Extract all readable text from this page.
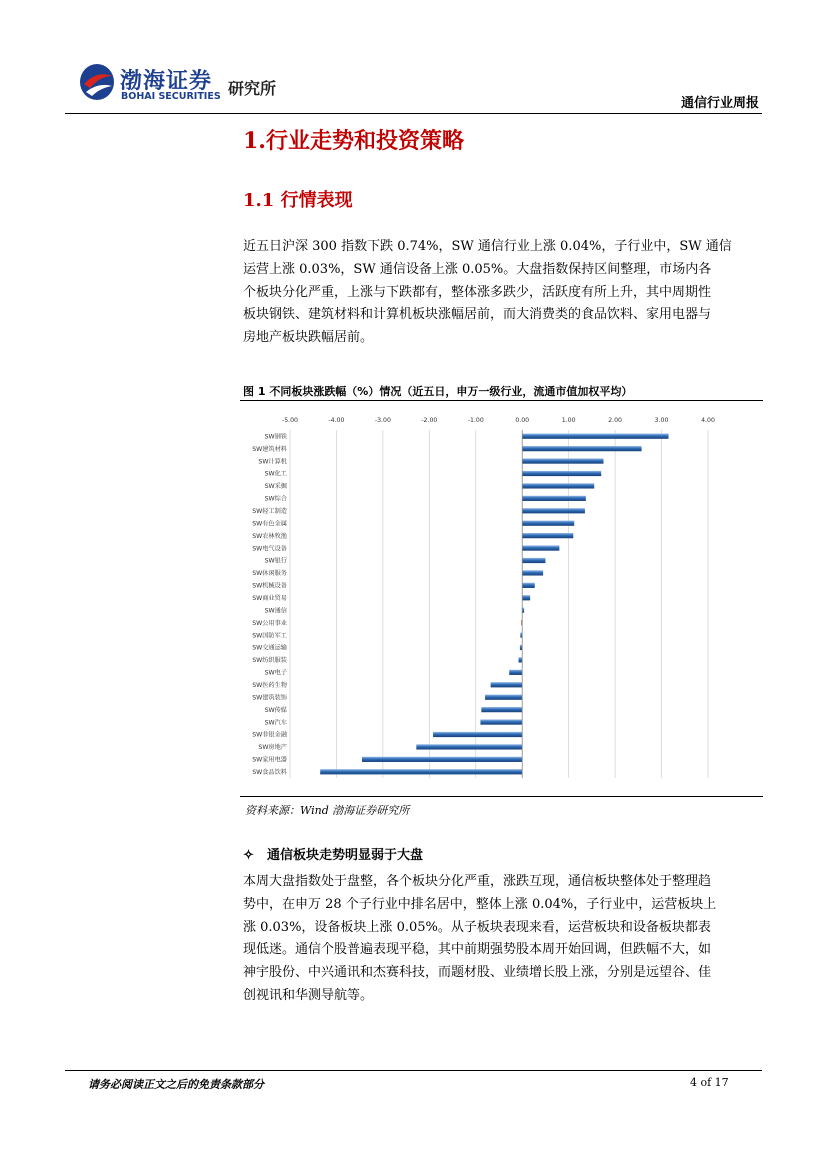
渤海证券
BOHAI SECURITIES 研究所
通信行业周报
1.行业走势和投资策略
1.1 行情表现
近五日沪深 300 指数下跌 0.74%，SW 通信行业上涨 0.04%，子行业中，SW 通信
运营上涨 0.03%，SW 通信设备上涨 0.05%。大盘指数保持区间整理，市场内各
个板块分化严重，上涨与下跌都有，整体涨多跌少，活跃度有所上升，其中周期性
板块钢铁、建筑材料和计算机板块涨幅居前，而大消费类的食品饮料、家用电器与
房地产板块跌幅居前。
图 1 不同板块涨跌幅（%）情况（近五日，申万一级行业，流通市值加权平均）
-5.00	-4.00	-3.00	-2.00	-1.00	0.00	1.00	2.00	3.00	4.00
SW钢铁
SW建筑材料
SW计算机
SW化工
SW采掘
SW综合
SW轻工制造
SW有色金属
SW农林牧渔
SW电气设备
SW银行
SW休闲服务
SW机械设备
SW商业贸易
SW通信
SW公用事业
SW国防军工
SW交通运输
SW纺织服装
SW电子
SW医药生物
SW建筑装饰
SW传媒
SW汽车
SW非银金融
SW房地产
SW家用电器
SW食品饮料
资料来源：Wind 渤海证券研究所
✧ 通信板块走势明显弱于大盘
本周大盘指数处于盘整，各个板块分化严重，涨跌互现，通信板块整体处于整理趋
势中，在申万 28 个子行业中排名居中，整体上涨 0.04%，子行业中，运营板块上
涨 0.03%，设备板块上涨 0.05%。从子板块表现来看，运营板块和设备板块都表
现低迷。通信个股普遍表现平稳，其中前期强势股本周开始回调，但跌幅不大，如
神宇股份、中兴通讯和杰赛科技，而题材股、业绩增长股上涨，分别是远望谷、佳
创视讯和华测导航等。
请务必阅读正文之后的免责条款部分	4 of 17
